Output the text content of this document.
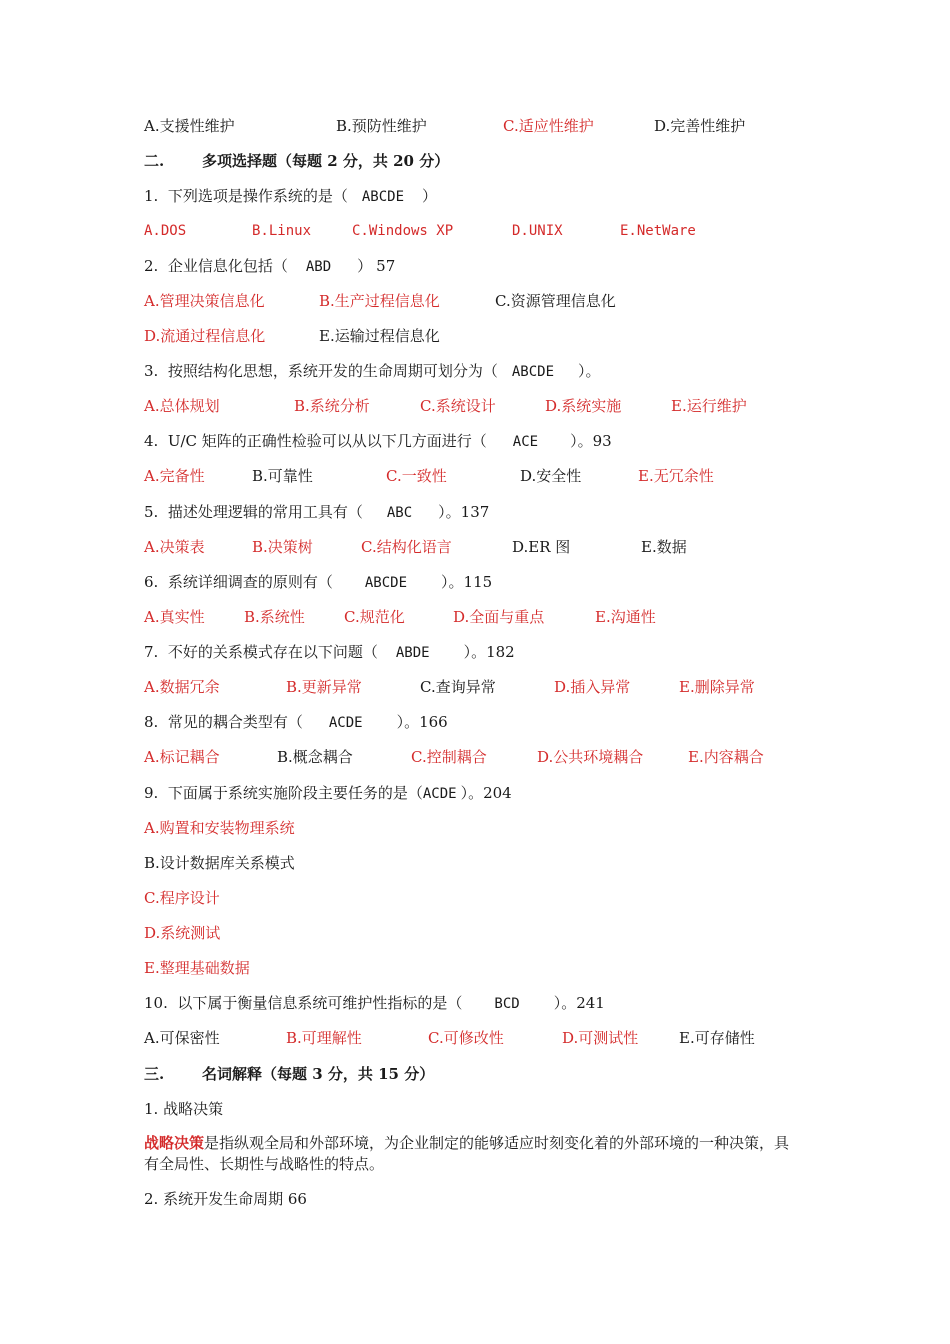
A.支援性维护	B.预防性维护	C.适应性维护	D.完善性维护
二.	多项选择题（每题 2 分，共 20 分）
1.  下列选项是操作系统的是（ ABCDE ）
A.DOS	B.Linux	C.Windows XP	D.UNIX	E.NetWare
2.  企业信息化包括（ ABD ） 57
A.管理决策信息化	B.生产过程信息化	C.资源管理信息化
D.流通过程信息化	E.运输过程信息化
3.  按照结构化思想，系统开发的生命周期可划分为（ ABCDE ）。
A.总体规划	B.系统分析	C.系统设计	D.系统实施	E.运行维护
4.  U/C 矩阵的正确性检验可以从以下几方面进行（ ACE ）。93
A.完备性	B.可靠性	C.一致性	D.安全性	E.无冗余性
5.  描述处理逻辑的常用工具有（ ABC ）。137
A.决策表	B.决策树	C.结构化语言	D.ER 图	E.数据
6.  系统详细调查的原则有（ ABCDE ）。115
A.真实性	B.系统性	C.规范化	D.全面与重点	E.沟通性
7.  不好的关系模式存在以下问题（ ABDE ）。182
A.数据冗余	B.更新异常	C.查询异常	D.插入异常	E.删除异常
8.  常见的耦合类型有（ ACDE ）。166
A.标记耦合	B.概念耦合	C.控制耦合	D.公共环境耦合	E.内容耦合
9.  下面属于系统实施阶段主要任务的是（ACDE ）。204
A.购置和安装物理系统
B.设计数据库关系模式
C.程序设计
D.系统测试
E.整理基础数据
10.  以下属于衡量信息系统可维护性指标的是（ BCD ）。241
A.可保密性	B.可理解性	C.可修改性	D.可测试性	E.可存储性
三.	名词解释（每题 3 分，共 15 分）
1. 战略决策
战略决策是指纵观全局和外部环境，为企业制定的能够适应时刻变化着的外部环境的一种决策，具有全局性、长期性与战略性的特点。
2. 系统开发生命周期 66
